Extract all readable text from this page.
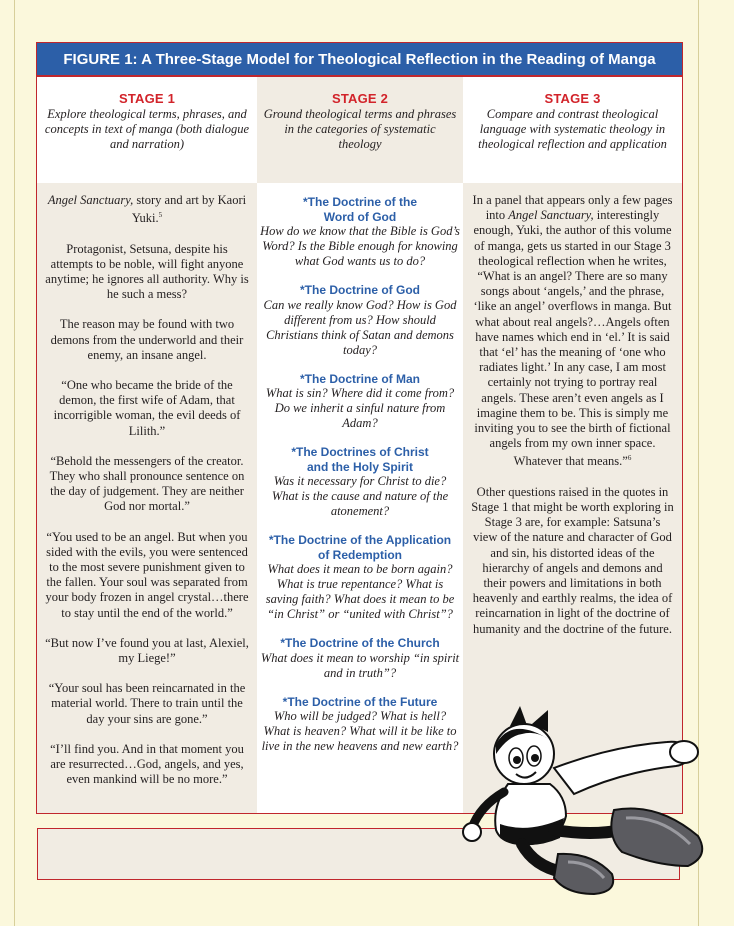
FIGURE 1: A Three-Stage Model for Theological Reflection in the Reading of Manga
STAGE 1
Explore theological terms, phrases, and concepts in text of manga (both dialogue and narration)

Angel Sanctuary, story and art by Kaori Yuki.$^5$

Protagonist, Setsuna, despite his attempts to be noble, will fight anyone anytime; he ignores all authority. Why is he such a mess?

The reason may be found with two demons from the underworld and their enemy, an insane angel.

“One who became the bride of the demon, the first wife of Adam, that incorrigible woman, the evil deeds of Lilith.”

“Behold the messengers of the creator. They who shall pronounce sentence on the day of judgement. They are neither God nor mortal.”

“You used to be an angel. But when you sided with the evils, you were sentenced to the most severe punishment given to the fallen. Your soul was separated from your body frozen in angel crystal…there to stay until the end of the world.”

“But now I’ve found you at last, Alexiel, my Liege!”

“Your soul has been reincarnated in the material world. There to train until the day your sins are gone.”

“I’ll find you. And in that moment you are resurrected…God, angels, and yes, even mankind will be no more.”

STAGE 2
Ground theological terms and phrases in the categories of systematic theology
*The Doctrine of the Word of God
How do we know that the Bible is God’s Word? Is the Bible enough for knowing what God wants us to do?
*The Doctrine of God
Can we really know God? How is God different from us? How should Christians think of Satan and demons today?
*The Doctrine of Man
What is sin? Where did it come from? Do we inherit a sinful nature from Adam?
*The Doctrines of Christ and the Holy Spirit
Was it necessary for Christ to die? What is the cause and nature of the atonement?
*The Doctrine of the Application of Redemption
What does it mean to be born again? What is true repentance? What is saving faith? What does it mean to be “in Christ” or “united with Christ”?
*The Doctrine of the Church
What does it mean to worship “in spirit and in truth”?
*The Doctrine of the Future
Who will be judged? What is hell? What is heaven? What will it be like to live in the new heavens and new earth?
STAGE 3
Compare and contrast theological language with systematic theology in theological reflection and application

In a panel that appears only a few pages into Angel Sanctuary, interestingly enough, Yuki, the author of this volume of manga, gets us started in our Stage 3 theological reflection when he writes, “What is an angel? There are so many songs about ‘angels,’ and the phrase, ‘like an angel’ overflows in manga. But what about real angels?…Angels often have names which end in ‘el.’ It is said that ‘el’ has the meaning of ‘one who radiates light.’ In any case, I am most certainly not trying to portray real angels. These aren’t even angels as I imagine them to be. This is simply me inviting you to see the birth of fictional angels from my own inner space. Whatever that means.”$^6$

Other questions raised in the quotes in Stage 1 that might be worth exploring in Stage 3 are, for example: Satsuna’s view of the nature and character of God and sin, his distorted ideas of the hierarchy of angels and demons and their powers and limitations in both heavenly and earthly realms, the idea of reincarnation in light of the doctrine of humanity and the doctrine of the future.
